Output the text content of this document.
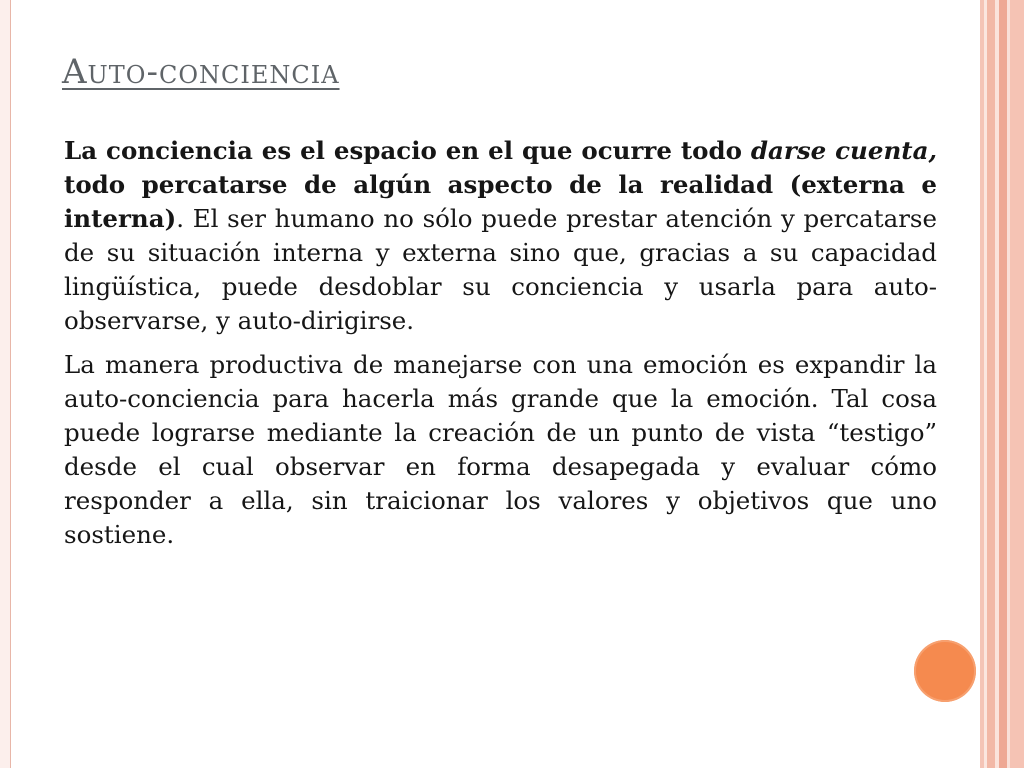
Auto-conciencia

La conciencia es el espacio en el que ocurre todo darse cuenta, todo percatarse de algún aspecto de la realidad (externa e interna). El ser humano no sólo puede prestar atención y percatarse de su situación interna y externa sino que, gracias a su capacidad lingüística, puede desdoblar su conciencia y usarla para auto-observarse, y auto-dirigirse.

La manera productiva de manejarse con una emoción es expandir la auto-conciencia para hacerla más grande que la emoción. Tal cosa puede lograrse mediante la creación de un punto de vista “testigo” desde el cual observar en forma desapegada y evaluar cómo responder a ella, sin traicionar los valores y objetivos que uno sostiene.
